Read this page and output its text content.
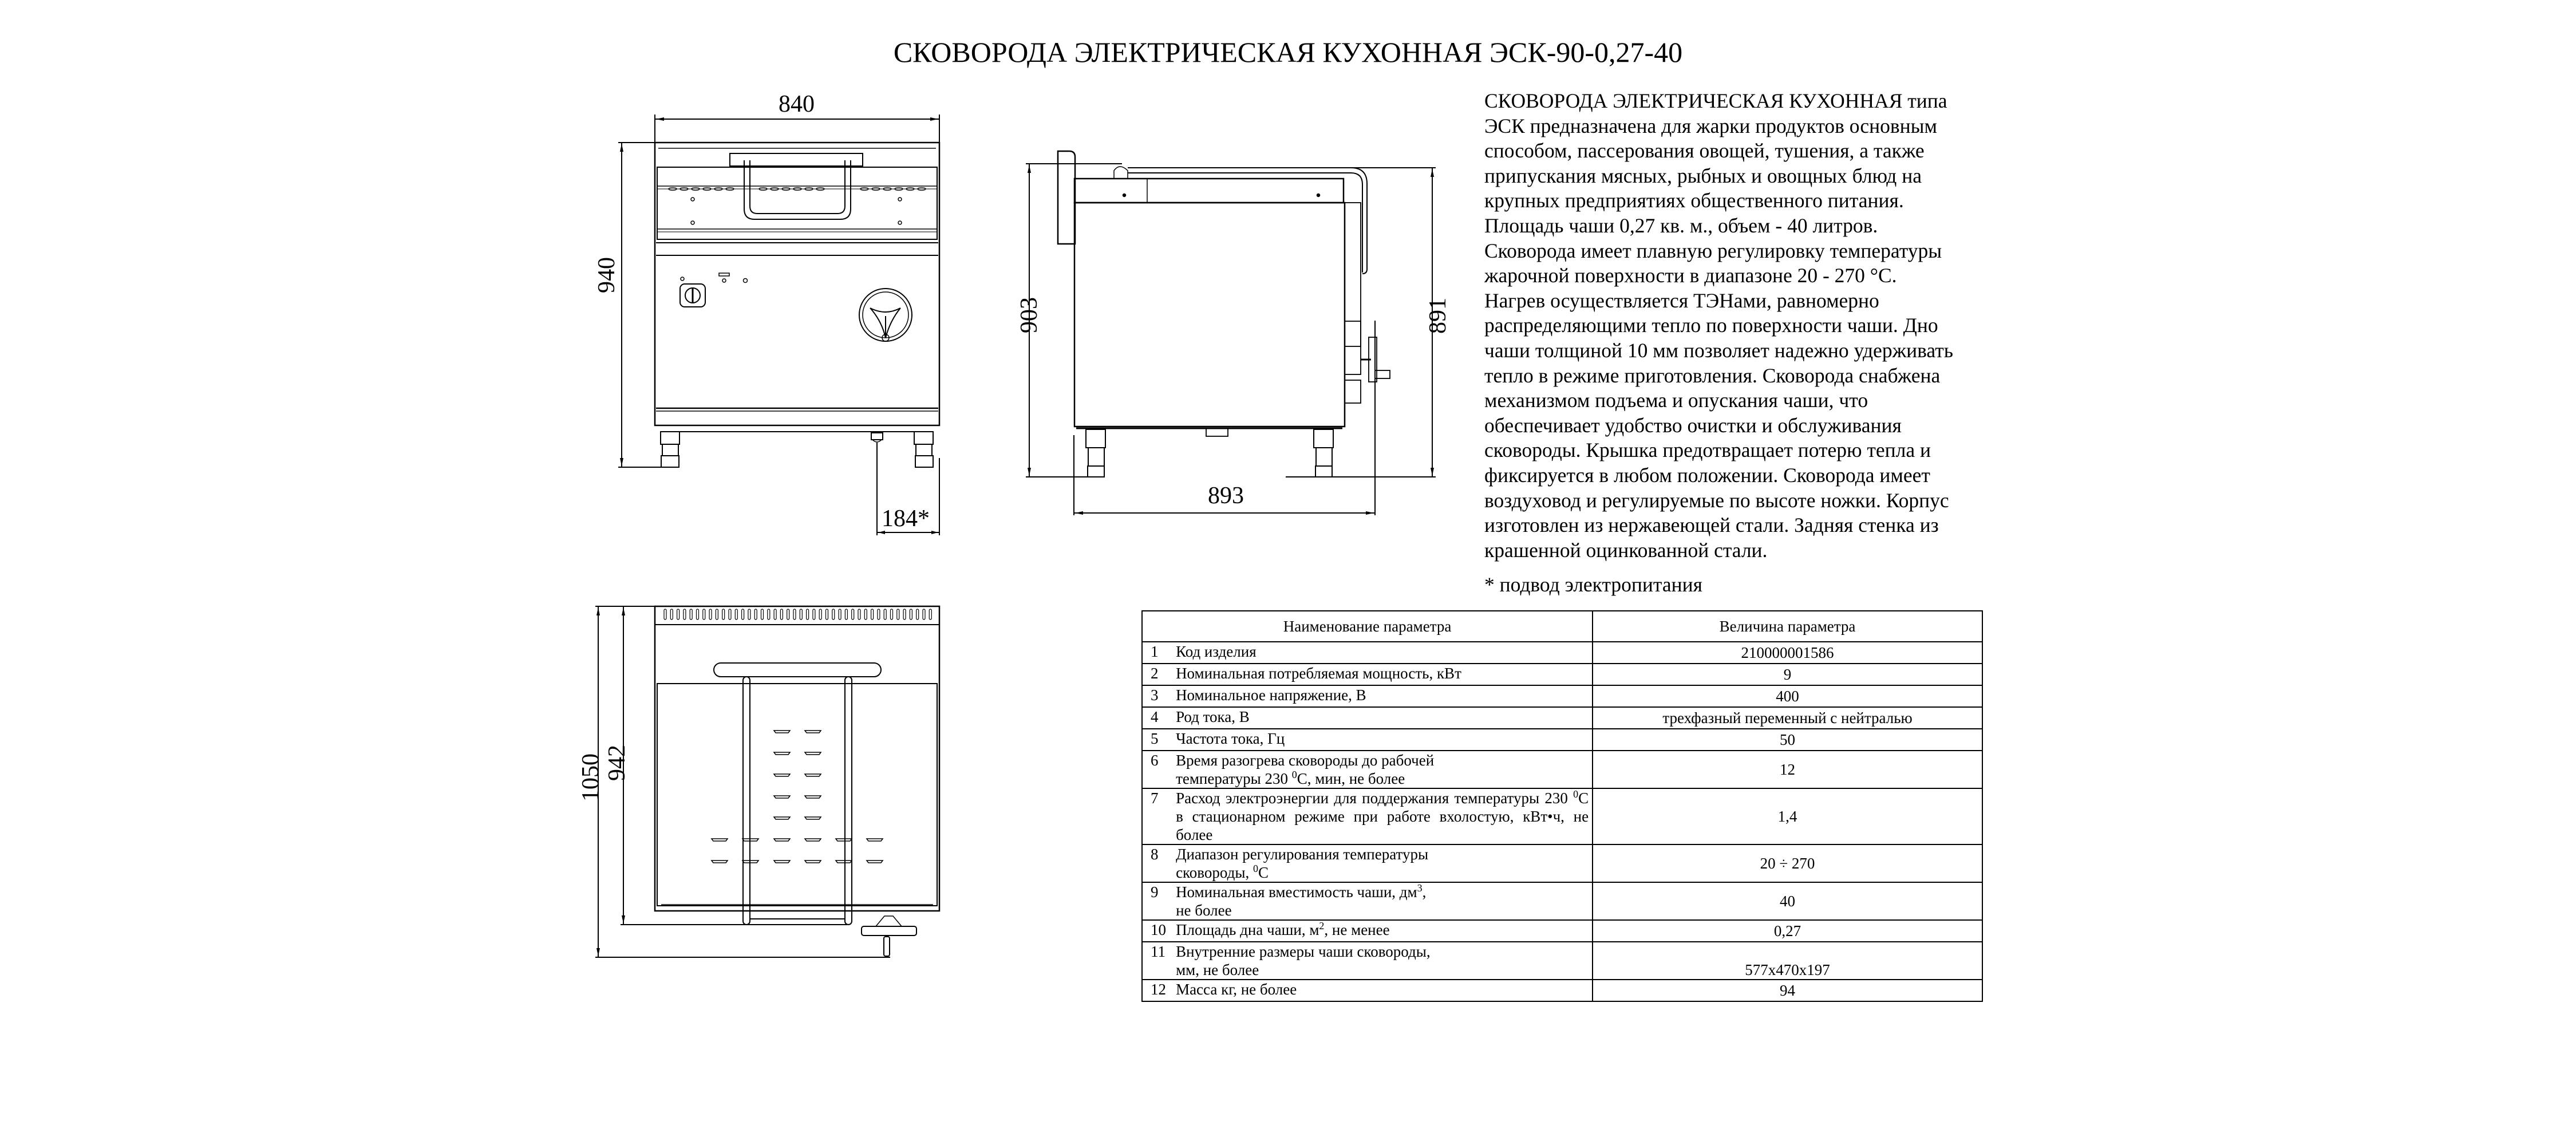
СКОВОРОДА ЭЛЕКТРИЧЕСКАЯ КУХОННАЯ ЭСК-90-0,27-40
840
940
184*
903	891
893
1050 942

СКОВОРОДА ЭЛЕКТРИЧЕСКАЯ КУХОННАЯ типа

ЭСК предназначена для жарки продуктов основным

способом, пассерования овощей, тушения, а также

припускания мясных, рыбных и овощных блюд на

крупных предприятиях общественного питания.

Площадь чаши 0,27 кв. м., объем - 40 литров.

Сковорода имеет плавную регулировку температуры

жарочной поверхности в диапазоне 20 - 270 °С.

Нагрев осуществляется ТЭНами, равномерно

распределяющими тепло по поверхности чаши. Дно

чаши толщиной 10 мм позволяет надежно удерживать

тепло в режиме приготовления. Сковорода снабжена

механизмом подъема и опускания чаши, что

обеспечивает удобство очистки и обслуживания

сковороды. Крышка предотвращает потерю тепла и

фиксируется в любом положении. Сковорода имеет

воздуховод и регулируемые по высоте ножки. Корпус

изготовлен из нержавеющей стали. Задняя стенка из

крашенной оцинкованной стали.

* подвод электропитания
Наименование параметра		Величина параметра
1	Код изделия	210000001586
2	Номинальная потребляемая мощность, кВт	9
3	Номинальное напряжение, В	400
4	Род тока, В	трехфазный переменный с нейтралью
5	Частота тока, Гц	50
6	Время разогрева сковороды до рабочей
температуры 230 $^0$С, мин, не более	12
7	Расход электроэнергии для поддержания температуры 230 $^0$С в стационарном режиме при работе вхолостую, кВт•ч, не более	1,4
8	Диапазон регулирования температуры
сковороды, $^0$С	20 ÷ 270
9	Номинальная вместимость чаши, $дм^3$,
не более	40
10	Площадь дна чаши, $м^2$, не менее	0,27
11	Внутренние размеры чаши сковороды,
мм, не более	577x470x197
12	Масса кг, не более	94
